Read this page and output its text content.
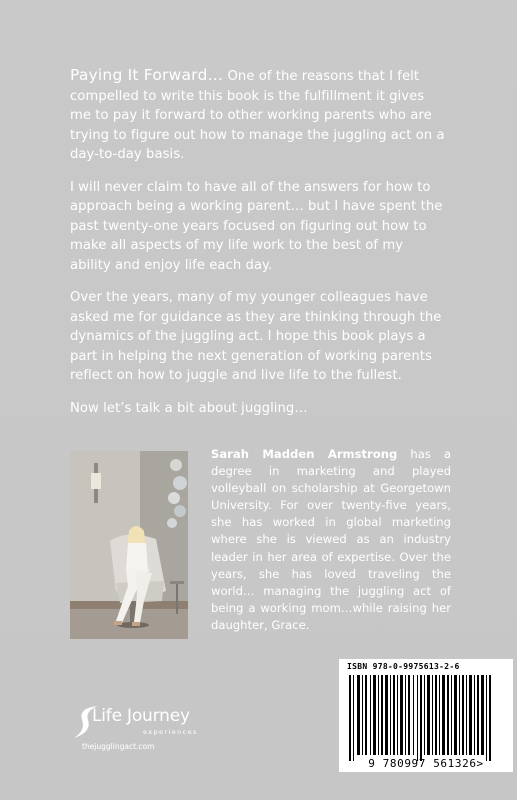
Paying It Forward… One of the reasons that I felt compelled to write this book is the fulfillment it gives me to pay it forward to other working parents who are trying to figure out how to manage the juggling act on a day-to-day basis.

I will never claim to have all of the answers for how to approach being a working parent… but I have spent the past twenty-one years focused on figuring out how to make all aspects of my life work to the best of my ability and enjoy life each day.

Over the years, many of my younger colleagues have asked me for guidance as they are thinking through the dynamics of the juggling act. I hope this book plays a part in helping the next generation of working parents reflect on how to juggle and live life to the fullest.

Now let’s talk a bit about juggling…

Sarah Madden Armstrong has a degree in marketing and played volleyball on scholarship at Georgetown University. For over twenty-five years, she has worked in global marketing where she is viewed as an industry leader in her area of expertise. Over the years, she has loved traveling the world… managing the juggling act of being a working mom…while raising her daughter, Grace.
Life Journey
experiences
thejugglingact.com
ISBN 978-0-9975613-2-6
9 780997 561326>
